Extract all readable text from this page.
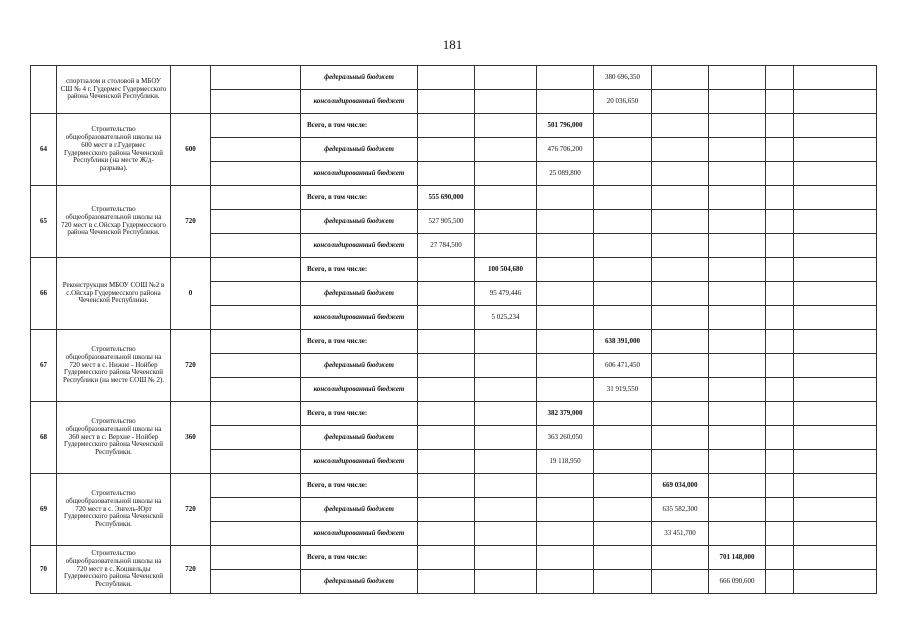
181
	спортзалом и столовой в МБОУ СШ № 4 г. Гудермес Гудермесского района Чеченской Республики.			федеральный бюджет				380 696,350				
				консолидированный бюджет				20 036,650				
64	Строительство общеобразовательной школы на 600 мест в г.Гудермес Гудермесского района Чеченской Республики (на месте Ж/д-разрыва).	600		Всего, в том числе:			501 796,000					
				федеральный бюджет			476 706,200					
				консолидированный бюджет			25 089,800					
65	Строительство общеобразовательной школы на 720 мест в с.Ойсхар Гудермесского района Чеченской Республики.	720		Всего, в том числе:	555 690,000							
				федеральный бюджет	527 905,500							
				консолидированный бюджет	27 784,500							
66	Реконструкция МБОУ СОШ №2 в с.Ойсхар Гудермесского района Чеченской Республики.	0		Всего, в том числе:		100 504,680						
				федеральный бюджет		95 479,446						
				консолидированный бюджет		5 025,234						
67	Строительство общеобразовательной школы на 720 мест в с. Нижне - Нойбер Гудермесского района Чеченской Республики (на месте СОШ № 2).	720		Всего, в том числе:				638 391,000				
				федеральный бюджет				606 471,450				
				консолидированный бюджет				31 919,550				
68	Строительство общеобразовательной школы на 360 мест в с. Верхне - Нойбер Гудермесского района Чеченской Республики.	360		Всего, в том числе:			382 379,000					
				федеральный бюджет			363 260,050					
				консолидированный бюджет			19 118,950					
69	Строительство общеобразовательной школы на 720 мест в с. Энгель-Юрт Гудермесского района Чеченской Республики.	720		Всего, в том числе:					669 034,000			
				федеральный бюджет					635 582,300			
				консолидированный бюджет					33 451,700			
70	Строительство общеобразовательной школы на 720 мест в с. Кошкельды Гудермесского района Чеченской Республики.	720		Всего, в том числе:						701 148,000		
				федеральный бюджет						666 090,600		
